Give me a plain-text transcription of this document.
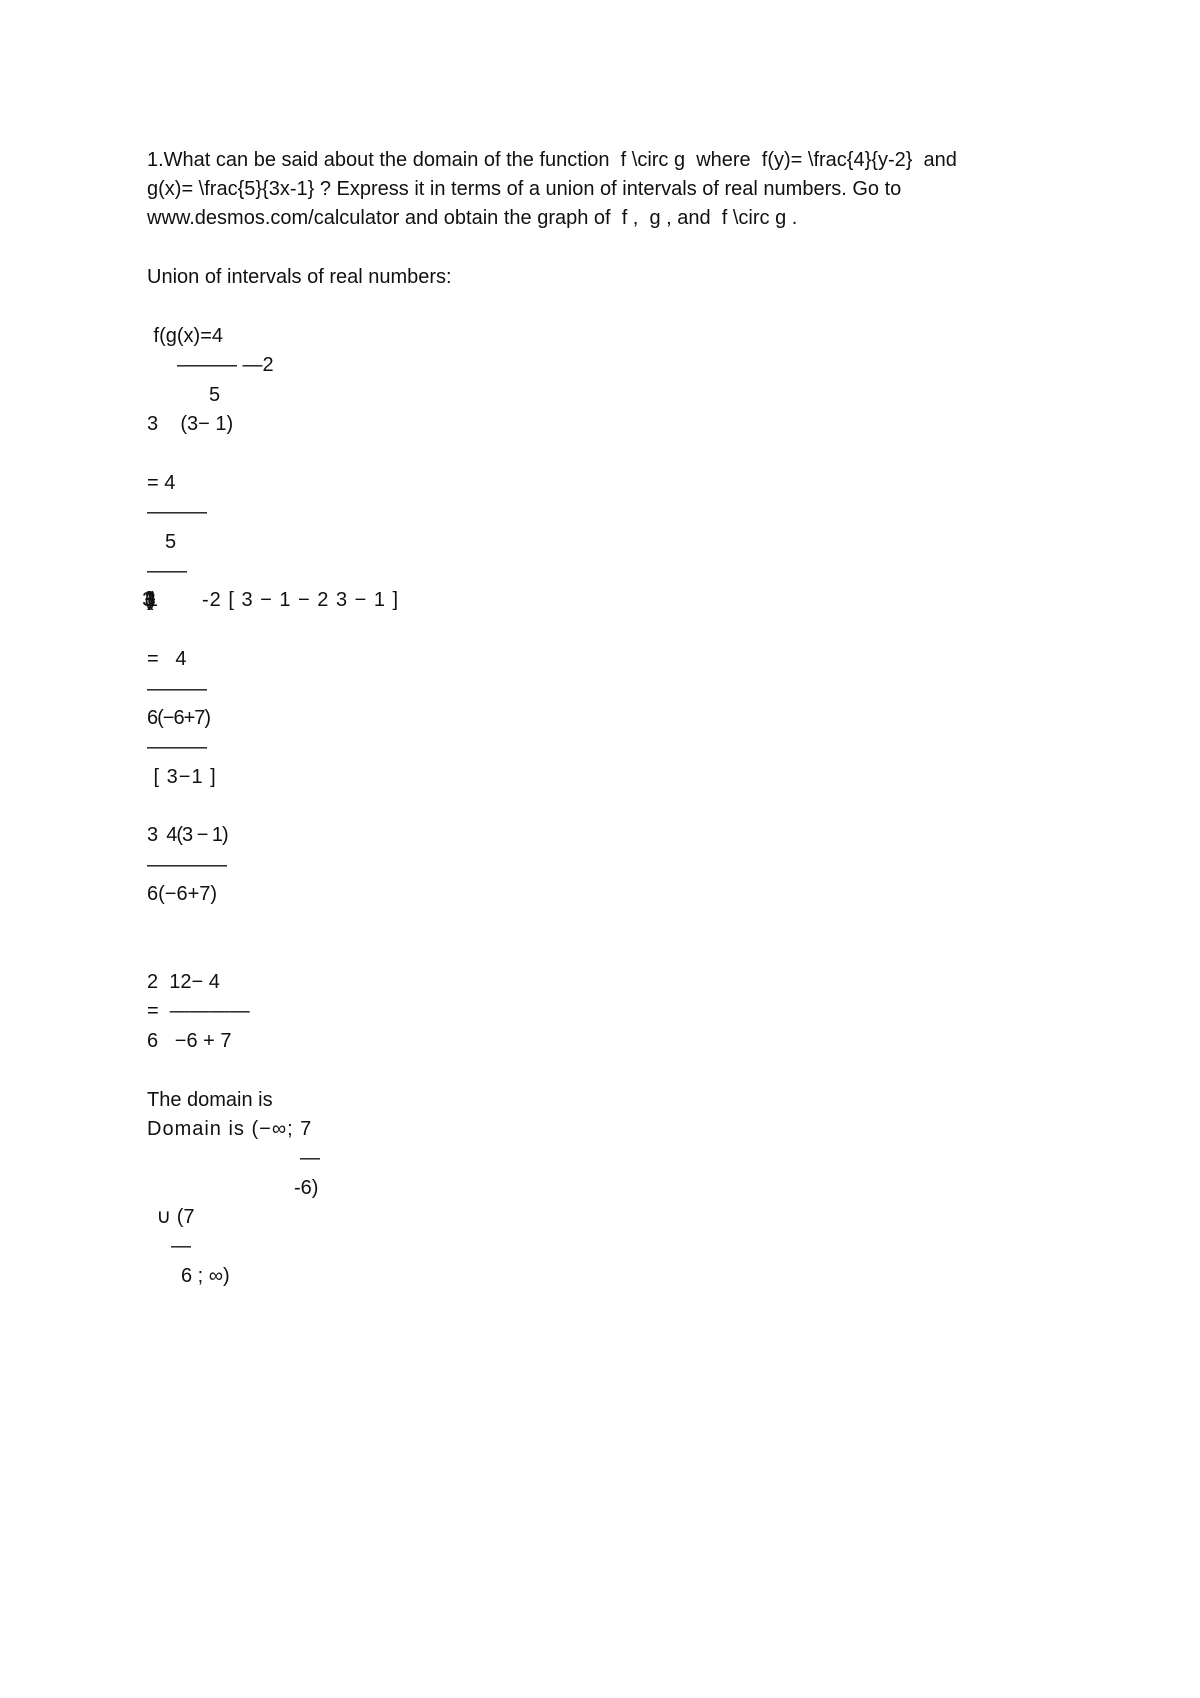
1.What can be said about the domain of the function  f \circ g  where  f(y)= \frac{4}{y-2}  and

g(x)= \frac{5}{3x-1} ? Express it in terms of a union of intervals of real numbers. Go to

www.desmos.com/calculator and obtain the graph of  f ,  g , and  f \circ g .

Union of intervals of real numbers:

f(g(x)=4

——— —2

5

3    (3− 1)

= 4

———

5

——

-2 [ 3 − 1 − 2 3 − 1 ]

=   4

———

6(−6+7)

———

[ 3−1 ]

3  4(3 − 1)

————

6(−6+7)

2  12− 4

=  ————

6   −6 + 7

The domain is

Domain is (−∞; 7

—

-6)

∪ (7

—

6 ; ∞)
